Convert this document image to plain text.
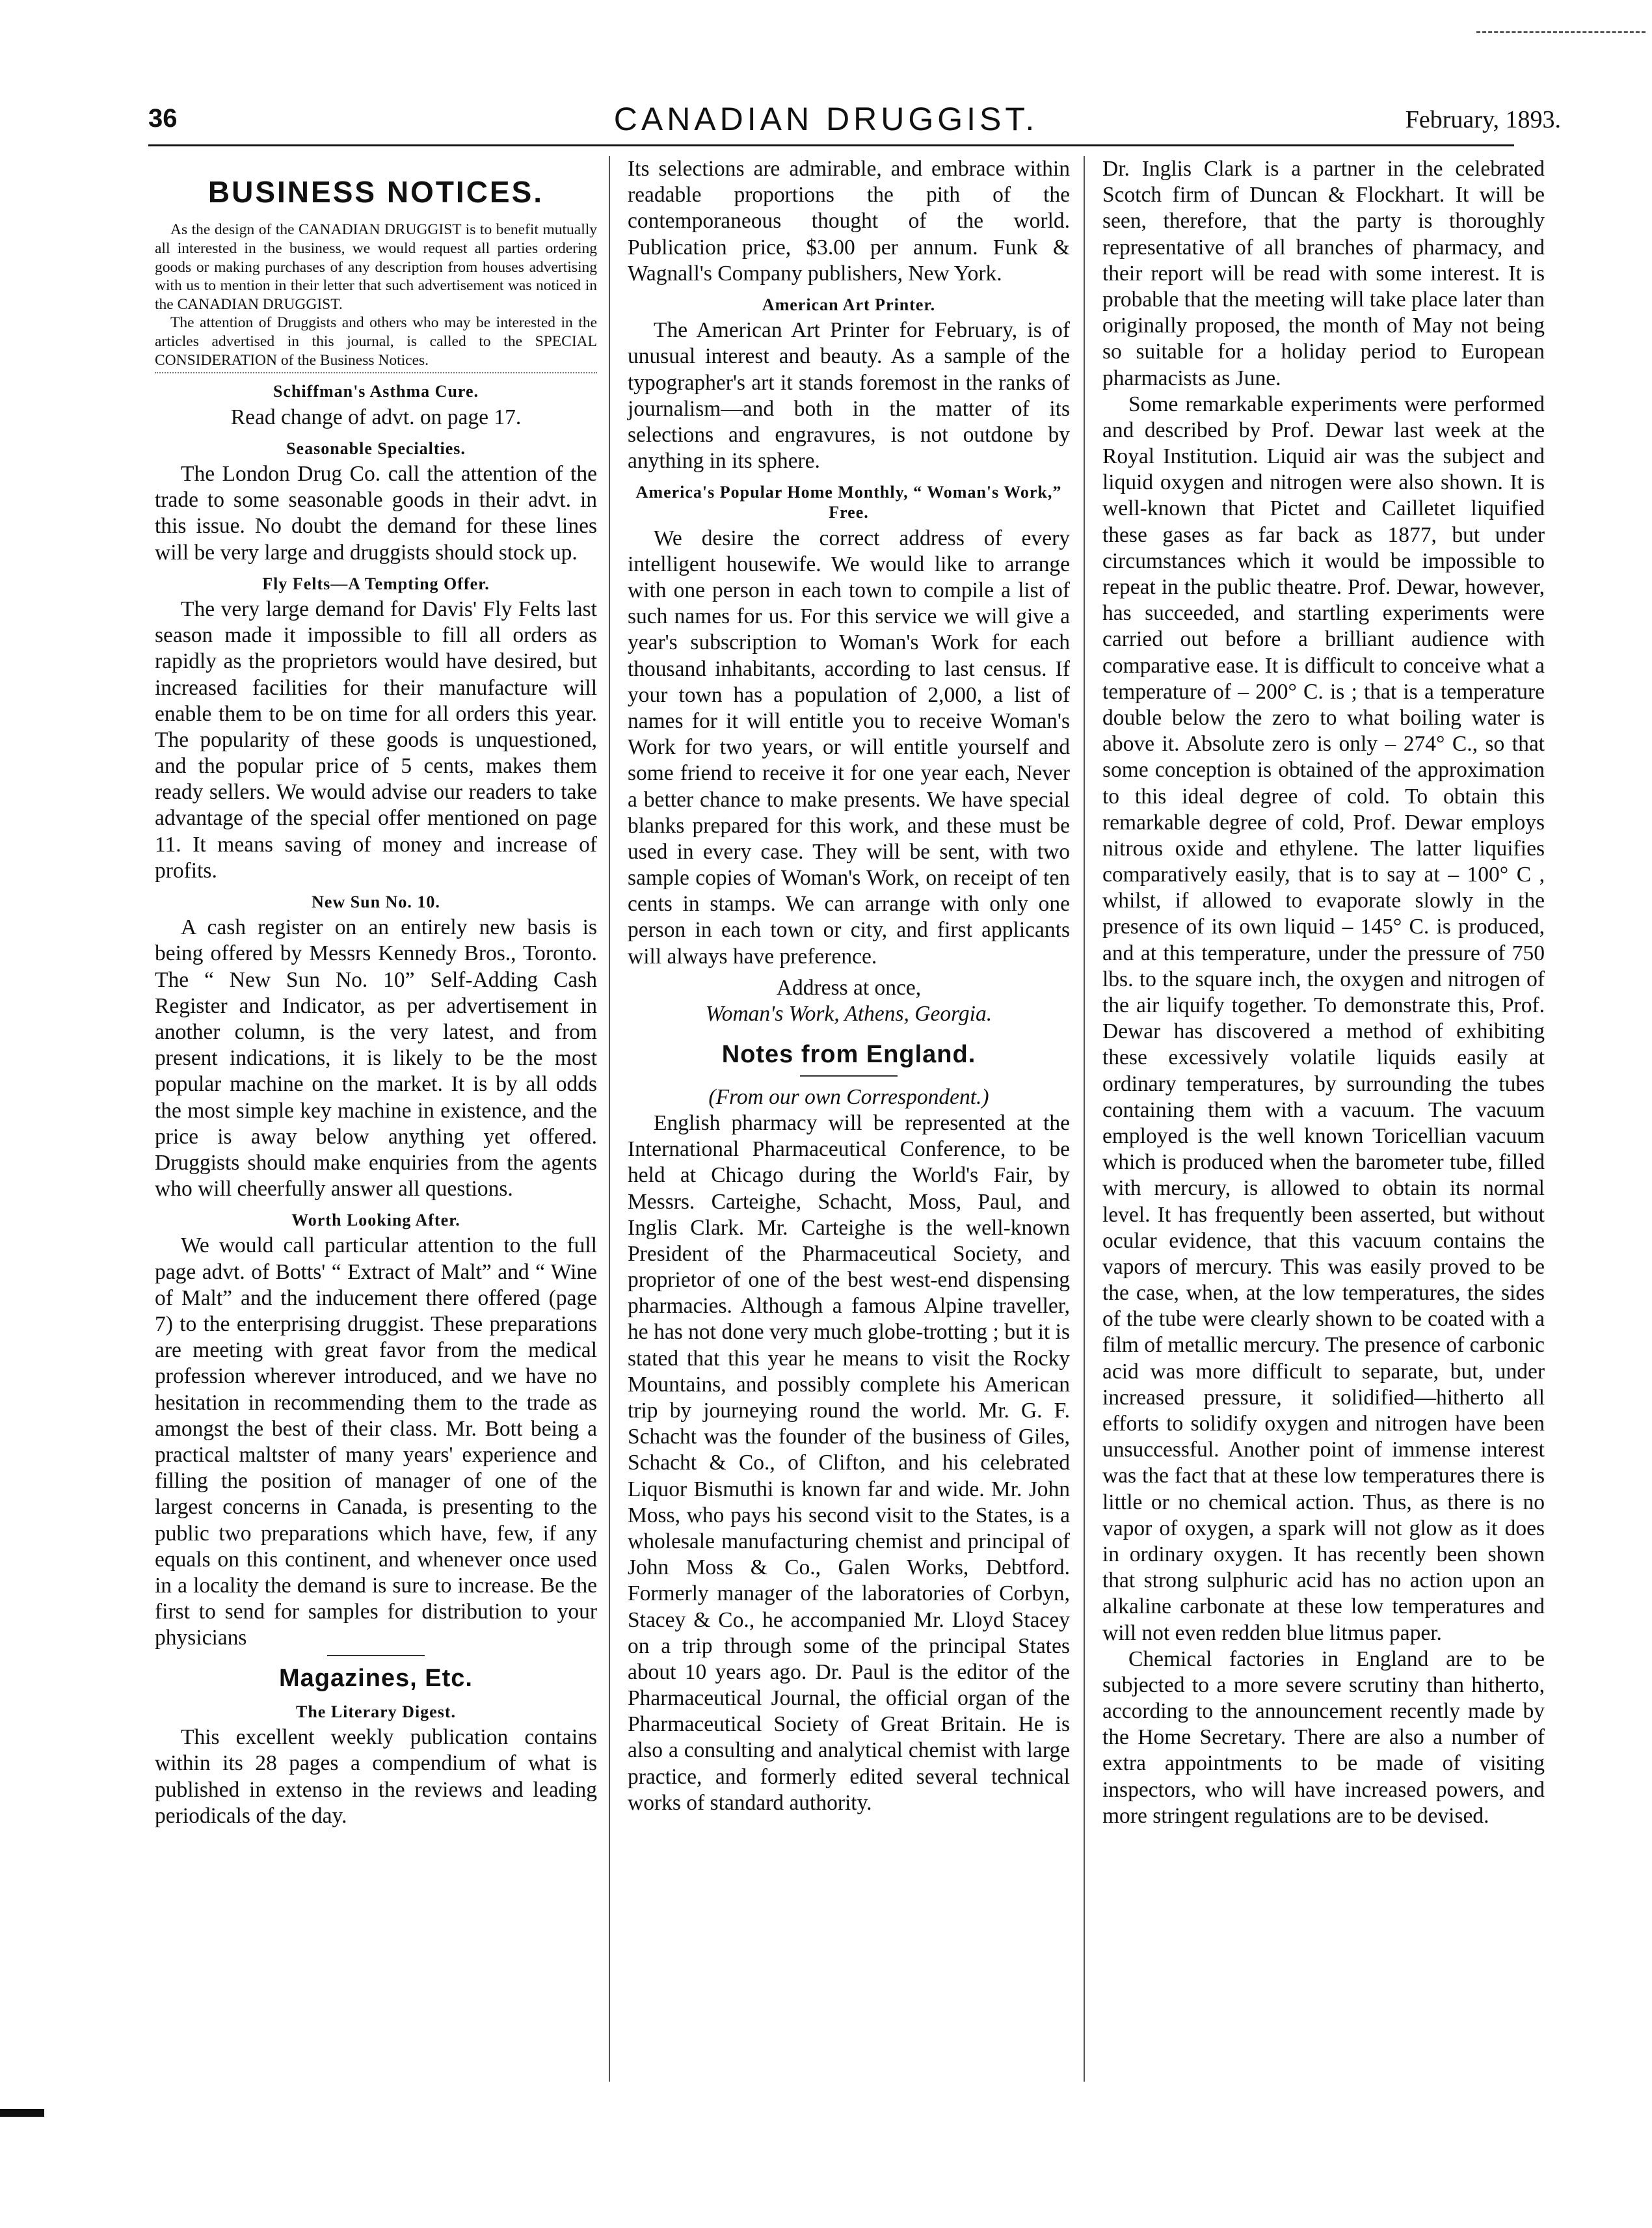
36	CANADIAN DRUGGIST.	February, 1893.
BUSINESS NOTICES.

As the design of the CANADIAN DRUGGIST is to benefit mutually all interested in the business, we would request all parties ordering goods or making purchases of any description from houses advertising with us to mention in their letter that such advertisement was noticed in the CANADIAN DRUGGIST.

The attention of Druggists and others who may be interested in the articles advertised in this journal, is called to the SPECIAL CONSIDERATION of the Business Notices.

Schiffman's Asthma Cure.

Read change of advt. on page 17.

Seasonable Specialties.

The London Drug Co. call the attention of the trade to some seasonable goods in their advt. in this issue. No doubt the demand for these lines will be very large and druggists should stock up.

Fly Felts—A Tempting Offer.

The very large demand for Davis' Fly Felts last season made it impossible to fill all orders as rapidly as the proprietors would have desired, but increased facilities for their manufacture will enable them to be on time for all orders this year. The popularity of these goods is unquestioned, and the popular price of 5 cents, makes them ready sellers. We would advise our readers to take advantage of the special offer mentioned on page 11. It means saving of money and increase of profits.

New Sun No. 10.

A cash register on an entirely new basis is being offered by Messrs Kennedy Bros., Toronto. The “ New Sun No. 10” Self-Adding Cash Register and Indicator, as per advertisement in another column, is the very latest, and from present indications, it is likely to be the most popular machine on the market. It is by all odds the most simple key machine in existence, and the price is away below anything yet offered. Druggists should make enquiries from the agents who will cheerfully answer all questions.

Worth Looking After.

We would call particular attention to the full page advt. of Botts' “ Extract of Malt” and “ Wine of Malt” and the inducement there offered (page 7) to the enterprising druggist. These preparations are meeting with great favor from the medical profession wherever introduced, and we have no hesitation in recommending them to the trade as amongst the best of their class. Mr. Bott being a practical maltster of many years' experience and filling the position of manager of one of the largest concerns in Canada, is presenting to the public two preparations which have, few, if any equals on this continent, and whenever once used in a locality the demand is sure to increase. Be the first to send for samples for distribution to your physicians

Magazines, Etc.
The Literary Digest.

This excellent weekly publication contains within its 28 pages a compendium of what is published in extenso in the reviews and leading periodicals of the day.

Its selections are admirable, and embrace within readable proportions the pith of the contemporaneous thought of the world. Publication price, $3.00 per annum. Funk & Wagnall's Company publishers, New York.

American Art Printer.

The American Art Printer for February, is of unusual interest and beauty. As a sample of the typographer's art it stands foremost in the ranks of journalism—and both in the matter of its selections and engravures, is not outdone by anything in its sphere.

America's Popular Home Monthly, “ Woman's Work,” Free.

We desire the correct address of every intelligent housewife. We would like to arrange with one person in each town to compile a list of such names for us. For this service we will give a year's subscription to Woman's Work for each thousand inhabitants, according to last census. If your town has a population of 2,000, a list of names for it will entitle you to receive Woman's Work for two years, or will entitle yourself and some friend to receive it for one year each, Never a better chance to make presents. We have special blanks prepared for this work, and these must be used in every case. They will be sent, with two sample copies of Woman's Work, on receipt of ten cents in stamps. We can arrange with only one person in each town or city, and first applicants will always have preference.

Address at once,

Woman's Work, Athens, Georgia.

Notes from England.

(From our own Correspondent.)

English pharmacy will be represented at the International Pharmaceutical Conference, to be held at Chicago during the World's Fair, by Messrs. Carteighe, Schacht, Moss, Paul, and Inglis Clark. Mr. Carteighe is the well-known President of the Pharmaceutical Society, and proprietor of one of the best west-end dispensing pharmacies. Although a famous Alpine traveller, he has not done very much globe-trotting ; but it is stated that this year he means to visit the Rocky Mountains, and possibly complete his American trip by journeying round the world. Mr. G. F. Schacht was the founder of the business of Giles, Schacht & Co., of Clifton, and his celebrated Liquor Bismuthi is known far and wide. Mr. John Moss, who pays his second visit to the States, is a wholesale manufacturing chemist and principal of John Moss & Co., Galen Works, Debtford. Formerly manager of the laboratories of Corbyn, Stacey & Co., he accompanied Mr. Lloyd Stacey on a trip through some of the principal States about 10 years ago. Dr. Paul is the editor of the Pharmaceutical Journal, the official organ of the Pharmaceutical Society of Great Britain. He is also a consulting and analytical chemist with large practice, and formerly edited several technical works of standard authority.

Dr. Inglis Clark is a partner in the celebrated Scotch firm of Duncan & Flockhart. It will be seen, therefore, that the party is thoroughly representative of all branches of pharmacy, and their report will be read with some interest. It is probable that the meeting will take place later than originally proposed, the month of May not being so suitable for a holiday period to European pharmacists as June.

Some remarkable experiments were performed and described by Prof. Dewar last week at the Royal Institution. Liquid air was the subject and liquid oxygen and nitrogen were also shown. It is well-known that Pictet and Cailletet liquified these gases as far back as 1877, but under circumstances which it would be impossible to repeat in the public theatre. Prof. Dewar, however, has succeeded, and startling experiments were carried out before a brilliant audience with comparative ease. It is difficult to conceive what a temperature of – 200° C. is ; that is a temperature double below the zero to what boiling water is above it. Absolute zero is only – 274° C., so that some conception is obtained of the approximation to this ideal degree of cold. To obtain this remarkable degree of cold, Prof. Dewar employs nitrous oxide and ethylene. The latter liquifies comparatively easily, that is to say at – 100° C , whilst, if allowed to evaporate slowly in the presence of its own liquid – 145° C. is produced, and at this temperature, under the pressure of 750 lbs. to the square inch, the oxygen and nitrogen of the air liquify together. To demonstrate this, Prof. Dewar has discovered a method of exhibiting these excessively volatile liquids easily at ordinary temperatures, by surrounding the tubes containing them with a vacuum. The vacuum employed is the well known Toricellian vacuum which is produced when the barometer tube, filled with mercury, is allowed to obtain its normal level. It has frequently been asserted, but without ocular evidence, that this vacuum contains the vapors of mercury. This was easily proved to be the case, when, at the low temperatures, the sides of the tube were clearly shown to be coated with a film of metallic mercury. The presence of carbonic acid was more difficult to separate, but, under increased pressure, it solidified—hitherto all efforts to solidify oxygen and nitrogen have been unsuccessful. Another point of immense interest was the fact that at these low temperatures there is little or no chemical action. Thus, as there is no vapor of oxygen, a spark will not glow as it does in ordinary oxygen. It has recently been shown that strong sulphuric acid has no action upon an alkaline carbonate at these low temperatures and will not even redden blue litmus paper.

Chemical factories in England are to be subjected to a more severe scrutiny than hitherto, according to the announcement recently made by the Home Secretary. There are also a number of extra appointments to be made of visiting inspectors, who will have increased powers, and more stringent regulations are to be devised.
